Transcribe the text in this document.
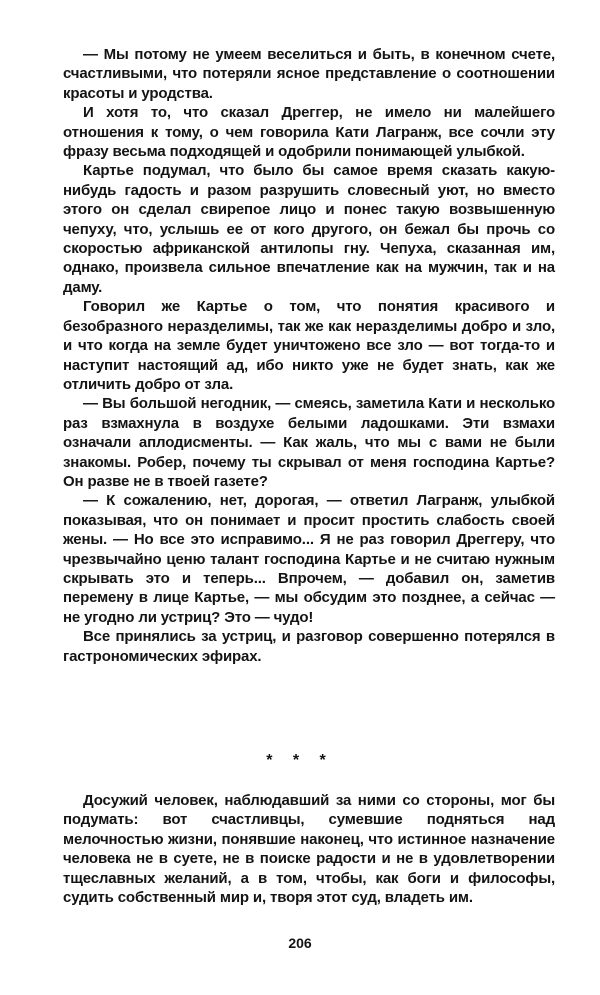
— Мы потому не умеем веселиться и быть, в конечном счете, счастливыми, что потеряли ясное представление о соотношении красоты и уродства.

И хотя то, что сказал Дреггер, не имело ни малейшего отношения к тому, о чем говорила Кати Лагранж, все сочли эту фразу весьма подходящей и одобрили понимающей улыбкой.

Картье подумал, что было бы самое время сказать какую-нибудь гадость и разом разрушить словесный уют, но вместо этого он сделал свирепое лицо и понес такую возвышенную чепуху, что, услышь ее от кого другого, он бежал бы прочь со скоростью африканской антилопы гну. Чепуха, сказанная им, однако, произвела сильное впечатление как на мужчин, так и на даму.

Говорил же Картье о том, что понятия красивого и безобразного неразделимы, так же как неразделимы добро и зло, и что когда на земле будет уничтожено все зло — вот тогда-то и наступит настоящий ад, ибо никто уже не будет знать, как же отличить добро от зла.

— Вы большой негодник, — смеясь, заметила Кати и несколько раз взмахнула в воздухе белыми ладошками. Эти взмахи означали аплодисменты. — Как жаль, что мы с вами не были знакомы. Робер, почему ты скрывал от меня господина Картье? Он разве не в твоей газете?

— К сожалению, нет, дорогая, — ответил Лагранж, улыбкой показывая, что он понимает и просит простить слабость своей жены. — Но все это исправимо... Я не раз говорил Дреггеру, что чрезвычайно ценю талант господина Картье и не считаю нужным скрывать это и теперь... Впрочем, — добавил он, заметив перемену в лице Картье, — мы обсудим это позднее, а сейчас — не угодно ли устриц? Это — чудо!

Все принялись за устриц, и разговор совершенно потерялся в гастрономических эфирах.

* * *

Досужий человек, наблюдавший за ними со стороны, мог бы подумать: вот счастливцы, сумевшие подняться над мелочностью жизни, понявшие наконец, что истинное назначение человека не в суете, не в поиске радости и не в удовлетворении тщеславных желаний, а в том, чтобы, как боги и философы, судить собственный мир и, творя этот суд, владеть им.

206
